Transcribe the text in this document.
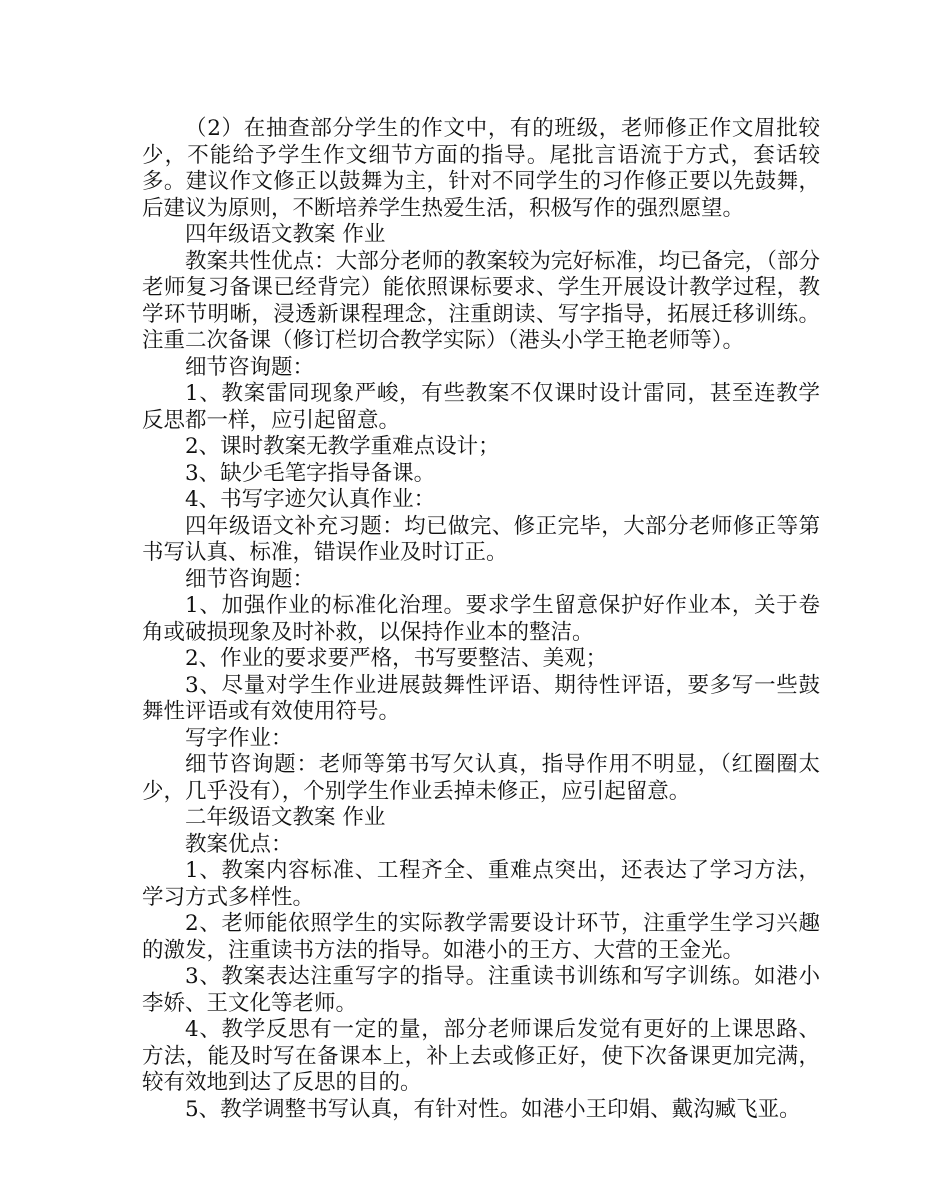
（2）在抽查部分学生的作文中，有的班级，老师修正作文眉批较少，不能给予学生作文细节方面的指导。尾批言语流于方式，套话较多。建议作文修正以鼓舞为主，针对不同学生的习作修正要以先鼓舞，后建议为原则，不断培养学生热爱生活，积极写作的强烈愿望。

四年级语文教案 作业

教案共性优点：大部分老师的教案较为完好标准，均已备完，（部分老师复习备课已经背完）能依照课标要求、学生开展设计教学过程，教学环节明晰，浸透新课程理念，注重朗读、写字指导，拓展迁移训练。注重二次备课（修订栏切合教学实际）（港头小学王艳老师等）。

细节咨询题：

1、教案雷同现象严峻，有些教案不仅课时设计雷同，甚至连教学反思都一样，应引起留意。

2、课时教案无教学重难点设计；

3、缺少毛笔字指导备课。

4、书写字迹欠认真作业：

四年级语文补充习题：均已做完、修正完毕，大部分老师修正等第书写认真、标准，错误作业及时订正。

细节咨询题：

1、加强作业的标准化治理。要求学生留意保护好作业本，关于卷角或破损现象及时补救，以保持作业本的整洁。

2、作业的要求要严格，书写要整洁、美观；

3、尽量对学生作业进展鼓舞性评语、期待性评语，要多写一些鼓舞性评语或有效使用符号。

写字作业：

细节咨询题：老师等第书写欠认真，指导作用不明显，（红圈圈太少，几乎没有），个别学生作业丢掉未修正，应引起留意。

二年级语文教案 作业

教案优点：

1、教案内容标准、工程齐全、重难点突出，还表达了学习方法，学习方式多样性。

2、老师能依照学生的实际教学需要设计环节，注重学生学习兴趣的激发，注重读书方法的指导。如港小的王方、大营的王金光。

3、教案表达注重写字的指导。注重读书训练和写字训练。如港小李娇、王文化等老师。

4、教学反思有一定的量，部分老师课后发觉有更好的上课思路、方法，能及时写在备课本上，补上去或修正好，使下次备课更加完满，较有效地到达了反思的目的。

5、教学调整书写认真，有针对性。如港小王印娟、戴沟臧飞亚。
